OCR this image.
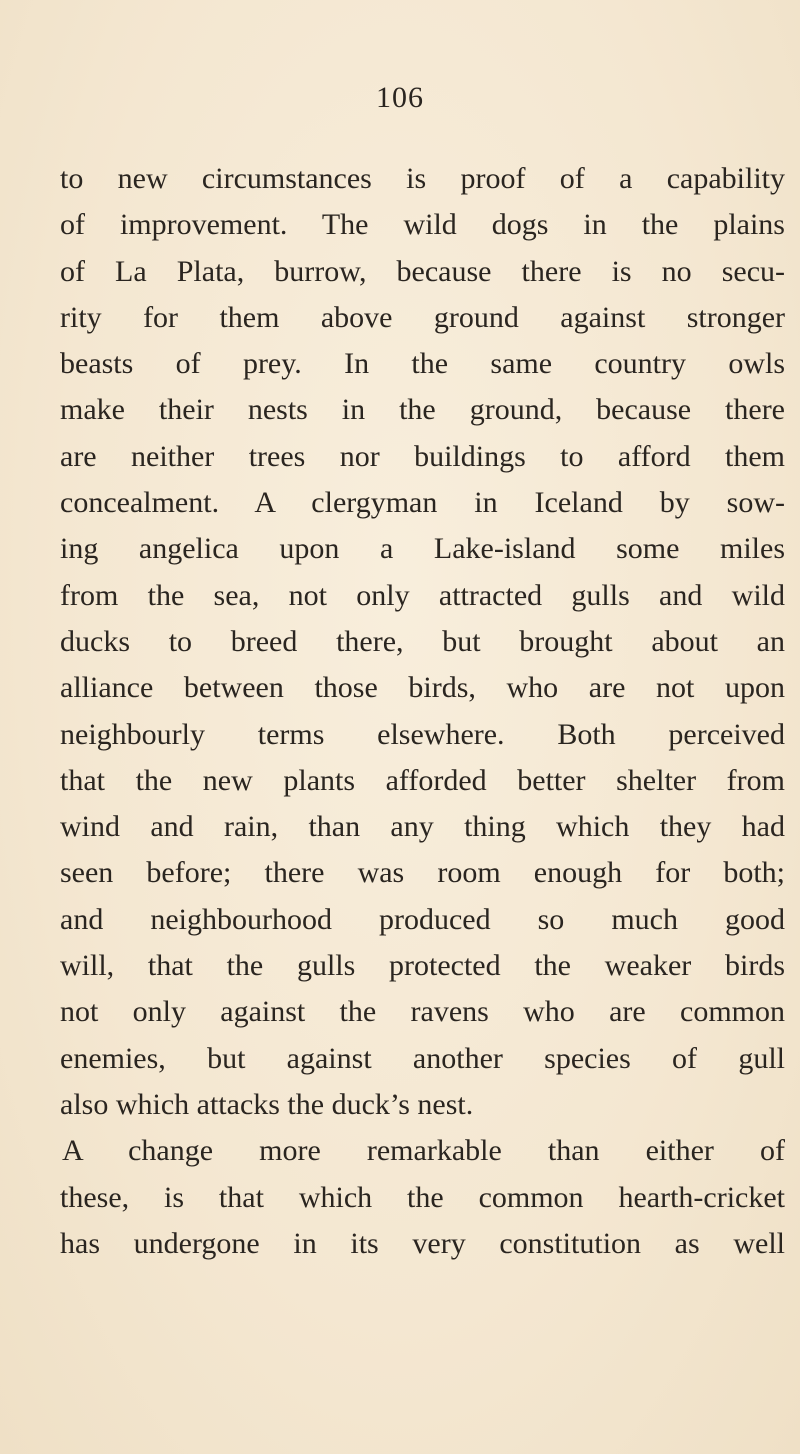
106
to new circumstances is proof of a capability
of improvement. The wild dogs in the plains
of La Plata, burrow, because there is no secu-
rity for them above ground against stronger
beasts of prey. In the same country owls
make their nests in the ground, because there
are neither trees nor buildings to afford them
concealment. A clergyman in Iceland by sow-
ing angelica upon a Lake-island some miles
from the sea, not only attracted gulls and wild
ducks to breed there, but brought about an
alliance between those birds, who are not upon
neighbourly terms elsewhere. Both perceived
that the new plants afforded better shelter from
wind and rain, than any thing which they had
seen before; there was room enough for both;
and neighbourhood produced so much good
will, that the gulls protected the weaker birds
not only against the ravens who are common
enemies, but against another species of gull
also which attacks the duck’s nest.
A change more remarkable than either of
these, is that which the common hearth-cricket
has undergone in its very constitution as well
